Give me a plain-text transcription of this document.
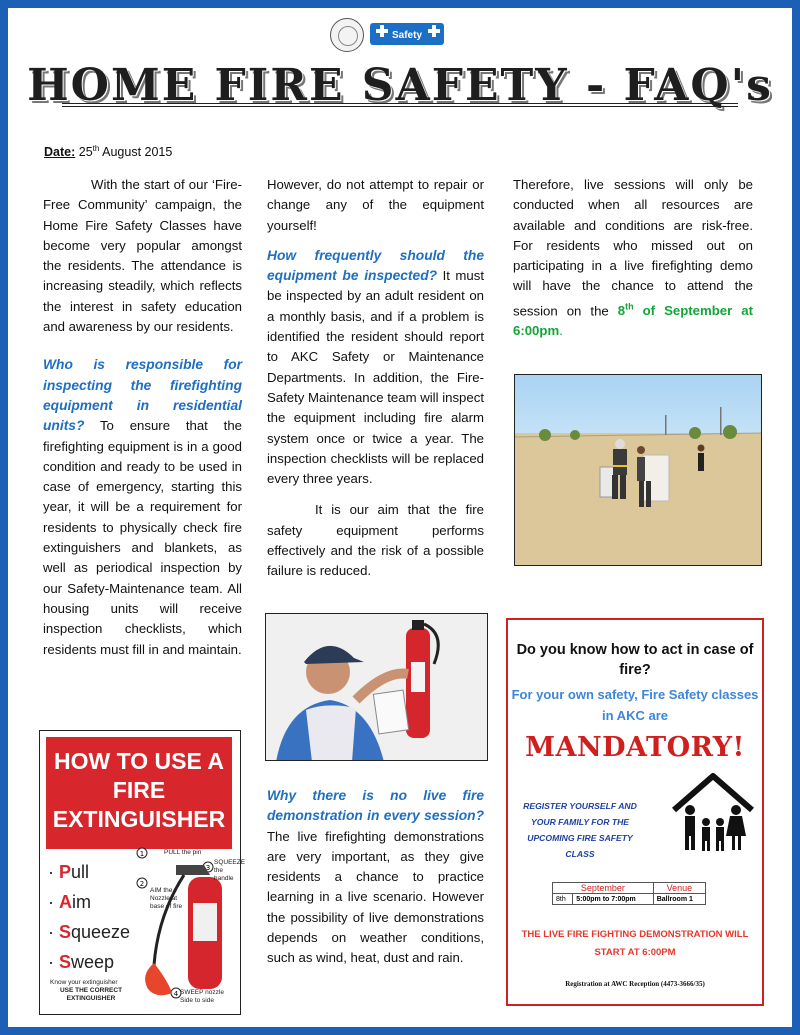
Safety
HOME FIRE SAFETY - FAQ's
Date: 25th August 2015

With the start of our ‘Fire-Free Community’ campaign, the Home Fire Safety Classes have become very popular amongst the residents. The attendance is increasing steadily, which reflects the interest in safety education and awareness by our residents.

Who is responsible for inspecting the firefighting equipment in residential units? To ensure that the firefighting equipment is in a good condition and ready to be used in case of emergency, starting this year, it will be a requirement for residents to physically check fire extinguishers and blankets, as well as periodical inspection by our Safety-Maintenance team. All housing units will receive inspection checklists, which residents must fill in and maintain.

However, do not attempt to repair or change any of the equipment yourself!

How frequently should the equipment be inspected? It must be inspected by an adult resident on a monthly basis, and if a problem is identified the resident should report to AKC Safety or Maintenance Departments. In addition, the Fire-Safety Maintenance team will inspect the equipment including fire alarm system once or twice a year. The inspection checklists will be replaced every three years.

It is our aim that the fire safety equipment performs effectively and the risk of a possible failure is reduced.

Why there is no live fire demonstration in every session? The live firefighting demonstrations are very important, as they give residents a chance to practice learning in a live scenario. However the possibility of live demonstrations depends on weather conditions, such as wind, heat, dust and rain.

Therefore, live sessions will only be conducted when all resources are available and conditions are risk-free. For residents who missed out on participating in a live firefighting demo will have the chance to attend the session on the 8th of September at 6:00pm.

HOW TO USE A FIRE EXTINGUISHER
· Pull
· Aim
· Squeeze
· Sweep
1
2
3
4
PULL the pin
AIM the Nozzle at base of fire
SQUEEZE the handle
SWEEP nozzle Side to side
Know your extinguisher
USE THE CORRECT EXTINGUISHER
Do you know how to act in case of fire?
For your own safety, Fire Safety classes in AKC are
MANDATORY!
REGISTER YOURSELF AND YOUR FAMILY FOR THE UPCOMING FIRE SAFETY CLASS
September		Venue
8th	5:00pm to 7:00pm	Ballroom 1
THE LIVE FIRE FIGHTING DEMONSTRATION WILL START AT 6:00PM
Registration at AWC Reception (4473-3666/35)
